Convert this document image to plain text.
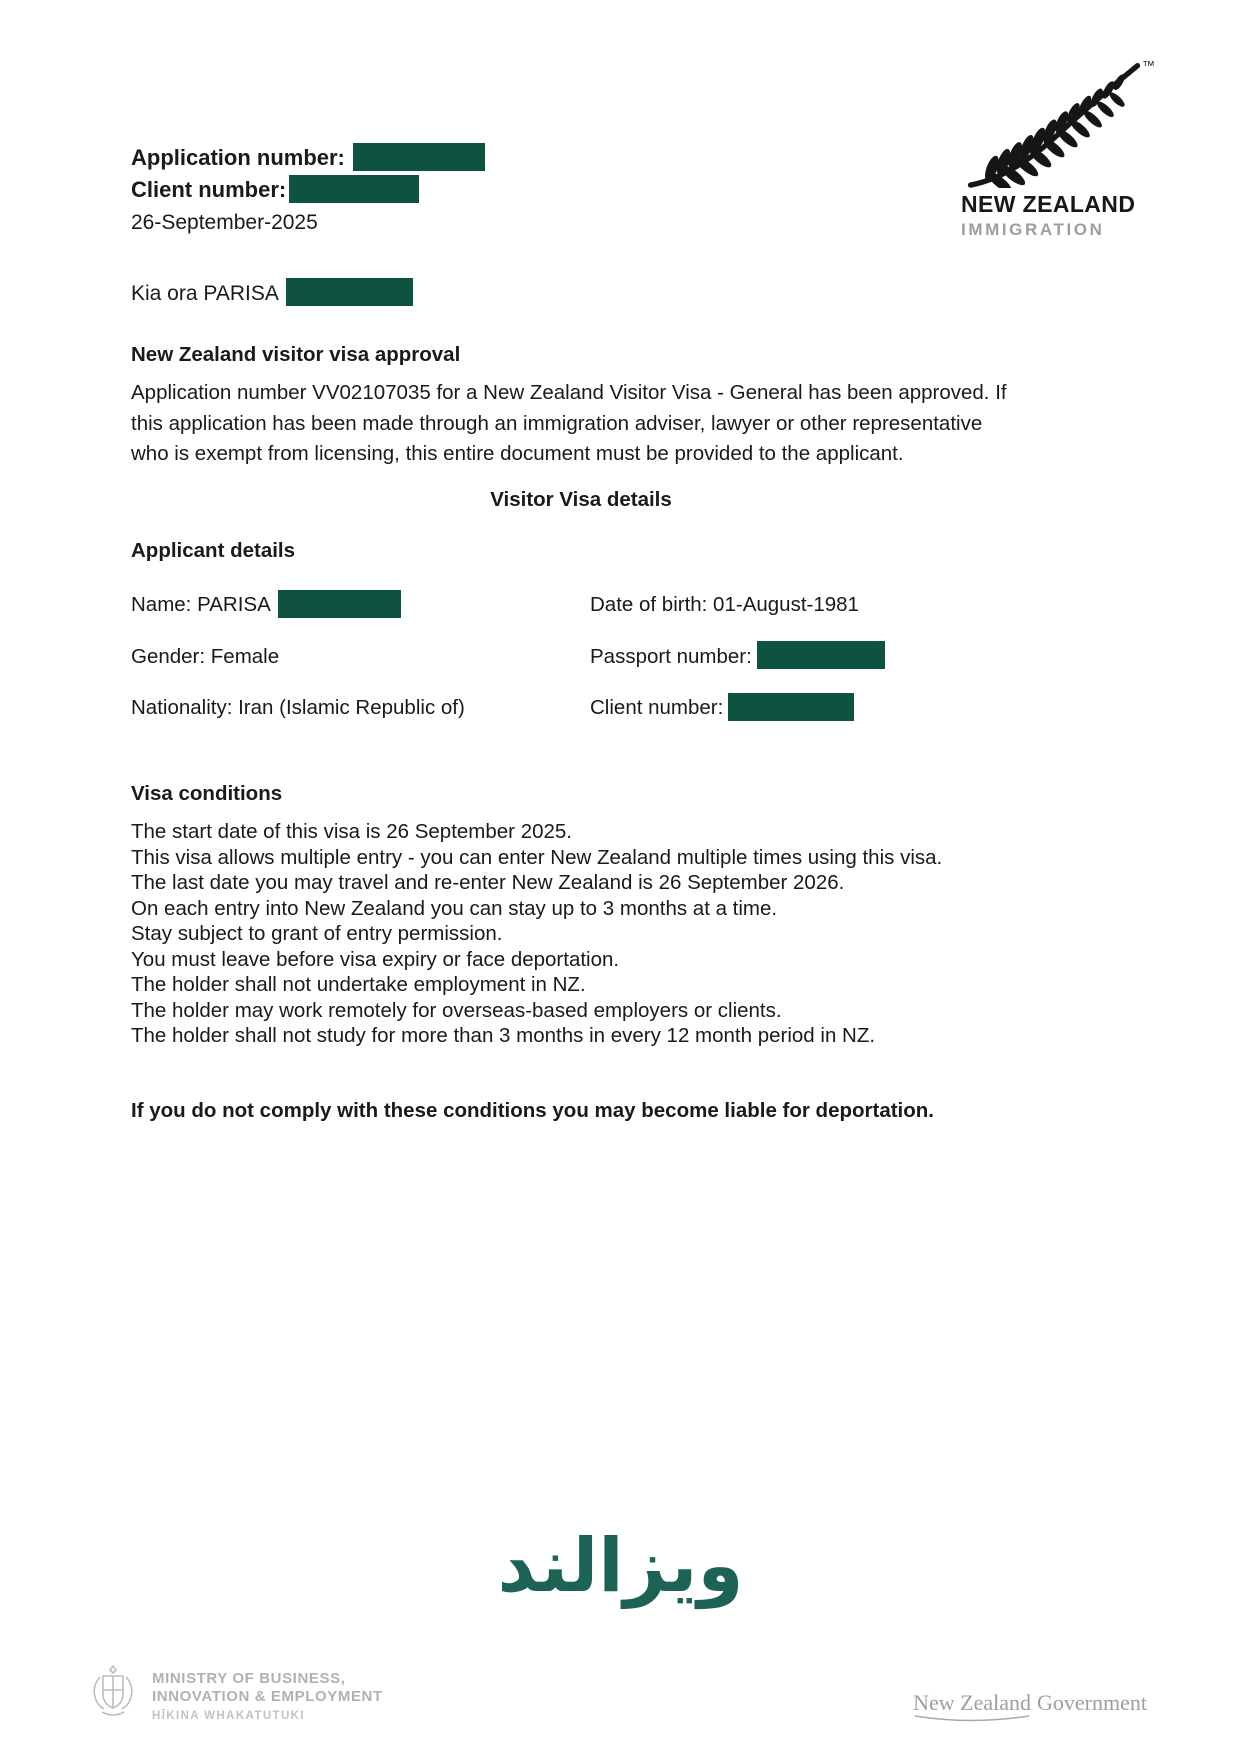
Application number:
Client number:
26-September-2025
™
NEW ZEALAND
IMMIGRATION
Kia ora PARISA
New Zealand visitor visa approval
Application number VV02107035 for a New Zealand Visitor Visa - General has been approved. If this application has been made through an immigration adviser, lawyer or other representative who is exempt from licensing, this entire document must be provided to the applicant.
Visitor Visa details
Applicant details
Name: PARISA	Date of birth: 01-August-1981
Gender: Female	Passport number:
Nationality: Iran (Islamic Republic of)	Client number:
Visa conditions
The start date of this visa is 26 September 2025.
This visa allows multiple entry - you can enter New Zealand multiple times using this visa.
The last date you may travel and re-enter New Zealand is 26 September 2026.
On each entry into New Zealand you can stay up to 3 months at a time.
Stay subject to grant of entry permission.
You must leave before visa expiry or face deportation.
The holder shall not undertake employment in NZ.
The holder may work remotely for overseas-based employers or clients.
The holder shall not study for more than 3 months in every 12 month period in NZ.
If you do not comply with these conditions you may become liable for deportation.
ويزالند
MINISTRY OF BUSINESS,
INNOVATION & EMPLOYMENT
HĪKINA WHAKATUTUKI
New Zealand Government
